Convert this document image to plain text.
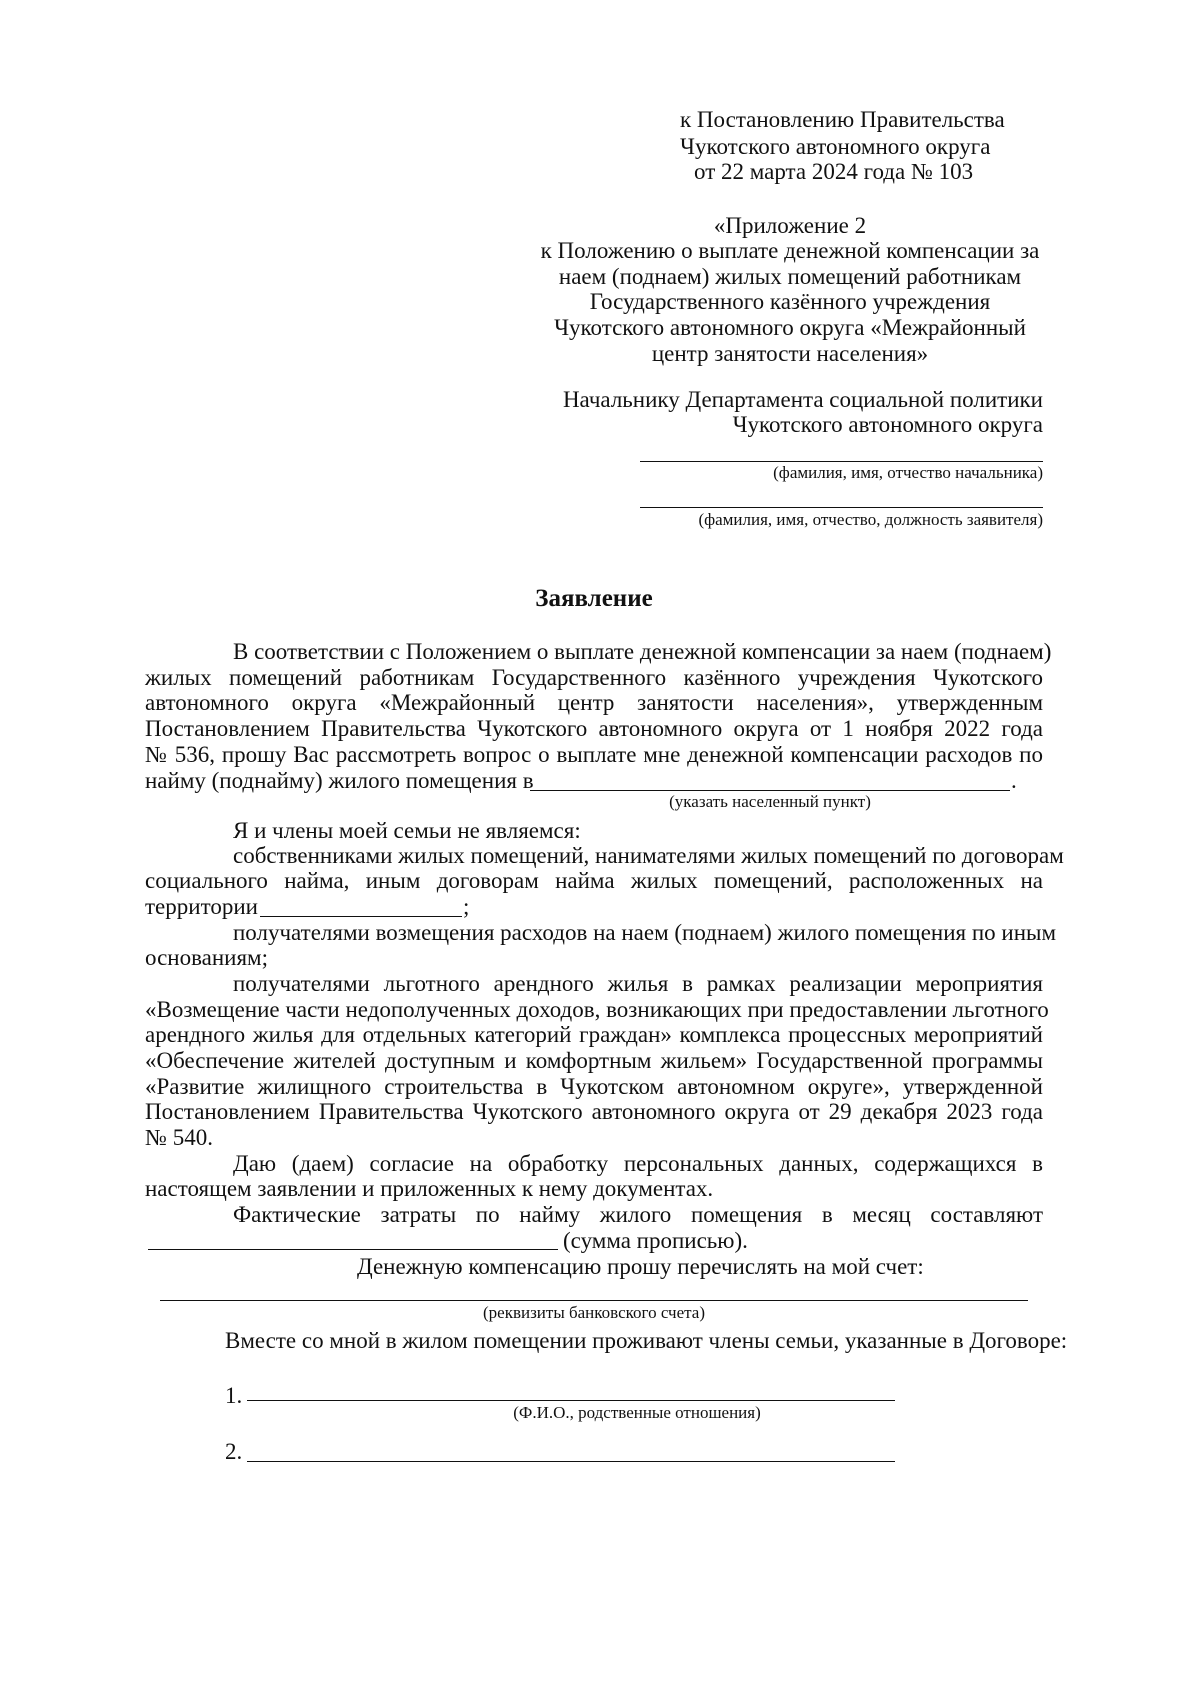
к Постановлению Правительства
Чукотского автономного округа
от 22 марта 2024 года № 103
«Приложение 2
к Положению о выплате денежной компенсации за
наем (поднаем) жилых помещений работникам
Государственного казённого учреждения
Чукотского автономного округа «Межрайонный
центр занятости населения»
Начальнику Департамента социальной политики
Чукотского автономного округа
(фамилия, имя, отчество начальника)
(фамилия, имя, отчество, должность заявителя)
Заявление
В соответствии с Положением о выплате денежной компенсации за наем (поднаем)
жилых помещений работникам Государственного казённого учреждения Чукотского
автономного округа «Межрайонный центр занятости населения», утвержденным
Постановлением Правительства Чукотского автономного округа от 1 ноября 2022 года
№ 536, прошу Вас рассмотреть вопрос о выплате мне денежной компенсации расходов по
найму (поднайму) жилого помещения в	.
(указать населенный пункт)
Я и члены моей семьи не являемся:
собственниками жилых помещений, нанимателями жилых помещений по договорам
социального найма, иным договорам найма жилых помещений, расположенных на
территории	;
получателями возмещения расходов на наем (поднаем) жилого помещения по иным
основаниям;
получателями льготного арендного жилья в рамках реализации мероприятия
«Возмещение части недополученных доходов, возникающих при предоставлении льготного
арендного жилья для отдельных категорий граждан» комплекса процессных мероприятий
«Обеспечение жителей доступным и комфортным жильем» Государственной программы
«Развитие жилищного строительства в Чукотском автономном округе», утвержденной
Постановлением Правительства Чукотского автономного округа от 29 декабря 2023 года
№ 540.
Даю (даем) согласие на обработку персональных данных, содержащихся в
настоящем заявлении и приложенных к нему документах.
Фактические затраты по найму жилого помещения в месяц составляют
(сумма прописью).
Денежную компенсацию прошу перечислять на мой счет:
(реквизиты банковского счета)
Вместе со мной в жилом помещении проживают члены семьи, указанные в Договоре:
1.
(Ф.И.О., родственные отношения)
2.
